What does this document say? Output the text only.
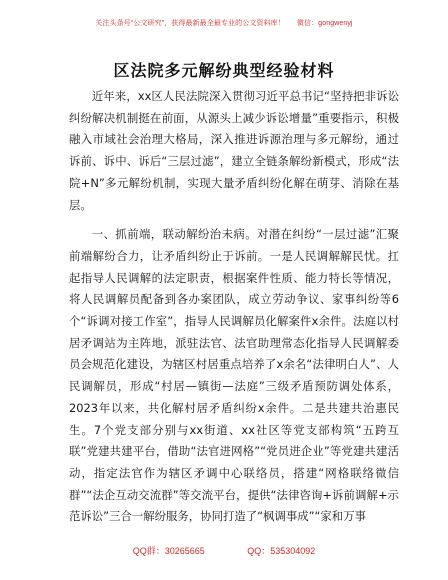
关注头条号“公文研究”，获得最新最全最专业的公文资料库！ 微信：gongwenyj
区法院多元解纷典型经验材料

近年来，xx区人民法院深入贯彻习近平总书记“坚持把非诉讼纠纷解决机制挺在前面，从源头上减少诉讼增量”重要指示，积极融入市域社会治理大格局，深入推进诉源治理与多元解纷，通过诉前、诉中、诉后“三层过滤”，建立全链条解纷新模式，形成“法院+N”多元解纷机制，实现大量矛盾纠纷化解在萌芽、消除在基层。

一、抓前端，联动解纷治未病。对潜在纠纷“一层过滤”汇聚前端解纷合力，让矛盾纠纷止于诉前。一是人民调解解民忧。扛起指导人民调解的法定职责，根据案件性质、能力特长等情况，将人民调解员配备到各办案团队，成立劳动争议、家事纠纷等6个“诉调对接工作室”，指导人民调解员化解案件x余件。法庭以村居矛调站为主阵地，派驻法官、法官助理常态化指导人民调解委员会规范化建设，为辖区村居重点培养了x余名“法律明白人”、人民调解员，形成“村居—镇街—法庭”三级矛盾预防调处体系，2023年以来，共化解村居矛盾纠纷x余件。二是共建共治惠民生。7个党支部分别与xx街道、xx社区等党支部构筑“五跨互联”党建共建平台，借助“法官进网格”“党员进企业”等党建共建活动，指定法官作为辖区矛调中心联络员，搭建“网格联络微信群”“法企互动交流群”等交流平台，提供“法律咨询+诉前调解+示范诉讼”三合一解纷服务，协同打造了“枫调事成”“家和万事

QQ群：30265665	QQ：535304092
